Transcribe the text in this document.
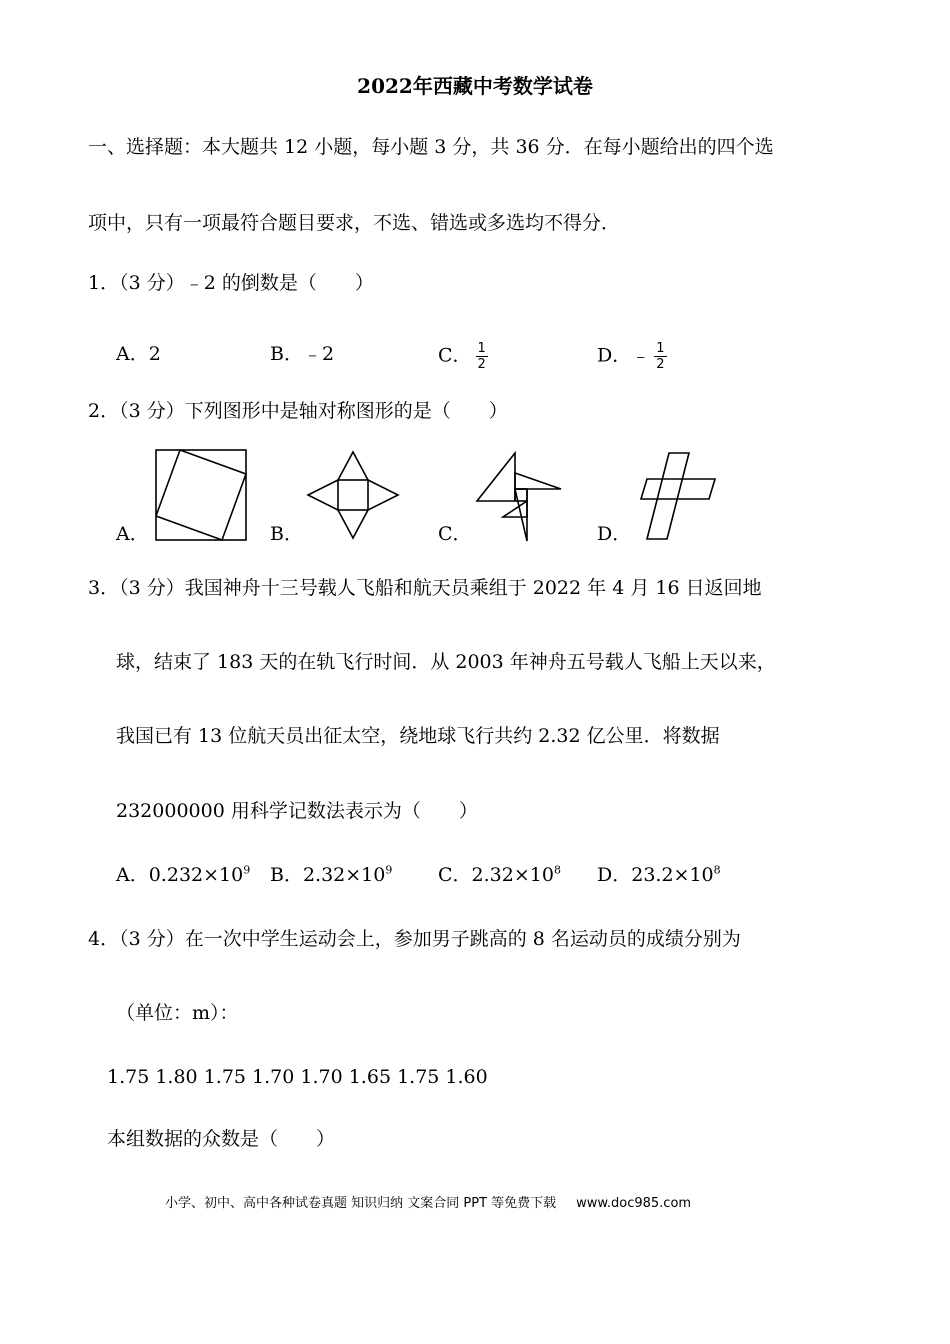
2022年西藏中考数学试卷
一、选择题：本大题共 12 小题，每小题 3 分，共 36 分．在每小题给出的四个选
项中，只有一项最符合题目要求，不选、错选或多选均不得分．
1．（3 分）﹣2 的倒数是（　　）
A．2	B．﹣2	C． $\frac{1}{2}$	D．﹣ $\frac{1}{2}$
2．（3 分）下列图形中是轴对称图形的是（　　）
A．	B．	C．	D．
3．（3 分）我国神舟十三号载人飞船和航天员乘组于 2022 年 4 月 16 日返回地
球，结束了 183 天的在轨飞行时间．从 2003 年神舟五号载人飞船上天以来，
我国已有 13 位航天员出征太空，绕地球飞行共约 2.32 亿公里．将数据
232000000 用科学记数法表示为（　　）
A．$0.232\times 10^9$ B．$2.32\times 10^9$ C．$2.32\times 10^8$ D．$23.2\times 10^8$
4．（3 分）在一次中学生运动会上，参加男子跳高的 8 名运动员的成绩分别为
（单位：m）：
1.75 1.80 1.75 1.70 1.70 1.65 1.75 1.60
本组数据的众数是（　　）
小学、初中、高中各种试卷真题 知识归纳 文案合同 PPT 等免费下载 www.doc985.com
